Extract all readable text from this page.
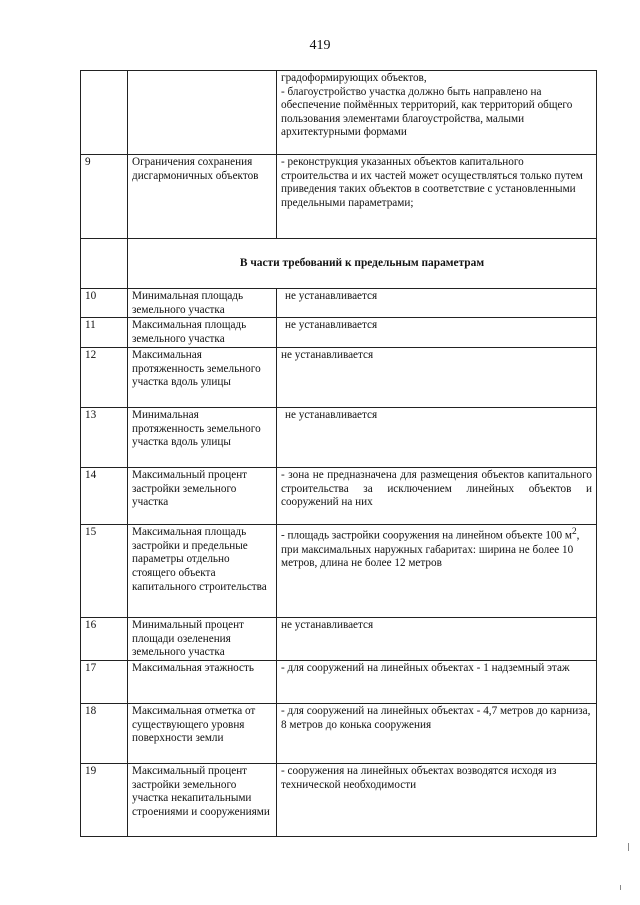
419
		градоформирующих объектов,
- благоустройство участка должно быть направлено на обеспечение поймённых территорий, как территорий общего пользования элементами благоустройства, малыми архитектурными формами
9	Ограничения сохранения дисгармоничных объектов	- реконструкция указанных объектов капитального строительства и их частей может осуществляться только путем приведения таких объектов в соответствие с установленными предельными параметрами;
	В части требований к предельным параметрам	
10	Минимальная площадь земельного участка	не устанавливается
11	Максимальная площадь земельного участка	не устанавливается
12	Максимальная протяженность земельного участка вдоль улицы	не устанавливается
13	Минимальная протяженность земельного участка вдоль улицы	не устанавливается
14	Максимальный процент застройки земельного участка	- зона не предназначена для размещения объектов капитального строительства за исключением линейных объектов и сооружений на них
15	Максимальная площадь застройки и предельные параметры отдельно стоящего объекта капитального строительства	- площадь застройки сооружения на линейном объекте 100 $м^2$, при максимальных наружных габаритах: ширина не более 10 метров, длина не более 12 метров
16	Минимальный процент площади озеленения земельного участка	не устанавливается
17	Максимальная этажность	- для сооружений на линейных объектах - 1 надземный этаж
18	Максимальная отметка от существующего уровня поверхности земли	- для сооружений на линейных объектах - 4,7 метров до карниза, 8 метров до конька сооружения
19	Максимальный процент застройки земельного участка некапитальными строениями и сооружениями	- сооружения на линейных объектах возводятся исходя из технической необходимости
